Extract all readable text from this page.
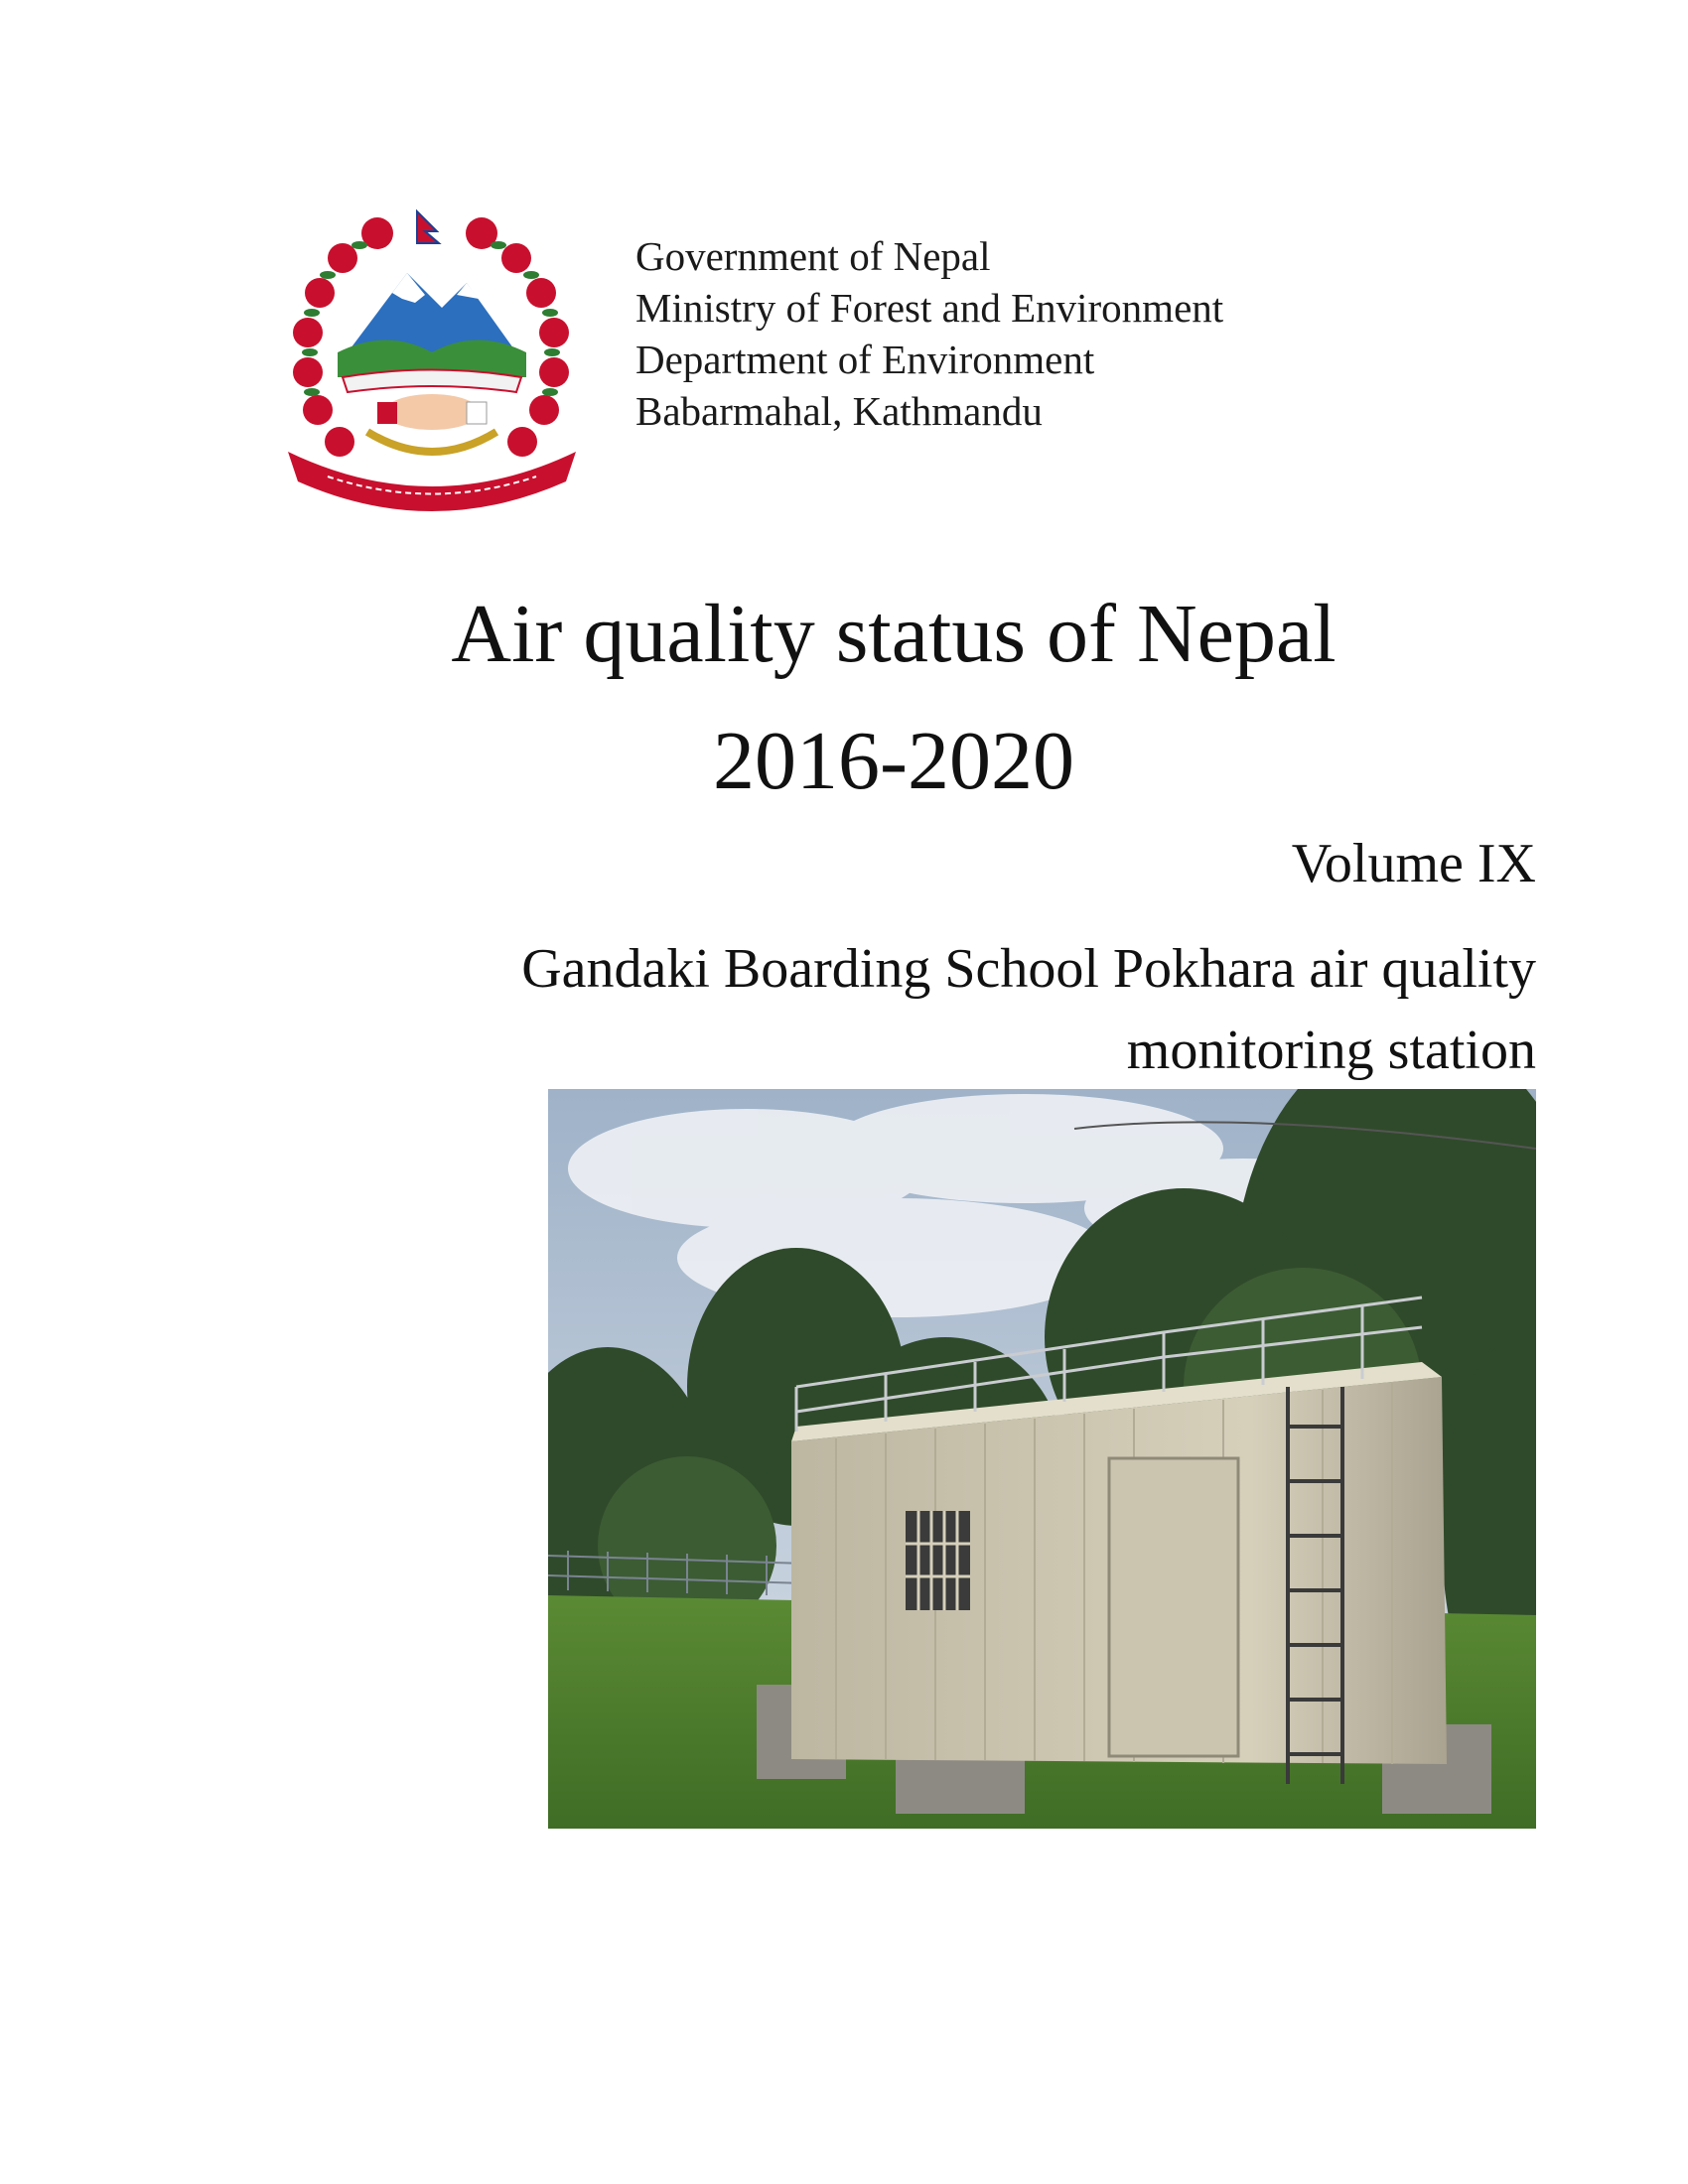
Government of Nepal
Ministry of Forest and Environment
Department of Environment
Babarmahal, Kathmandu
Air quality status of Nepal
2016-2020
Volume IX
Gandaki Boarding School Pokhara air quality
monitoring station
